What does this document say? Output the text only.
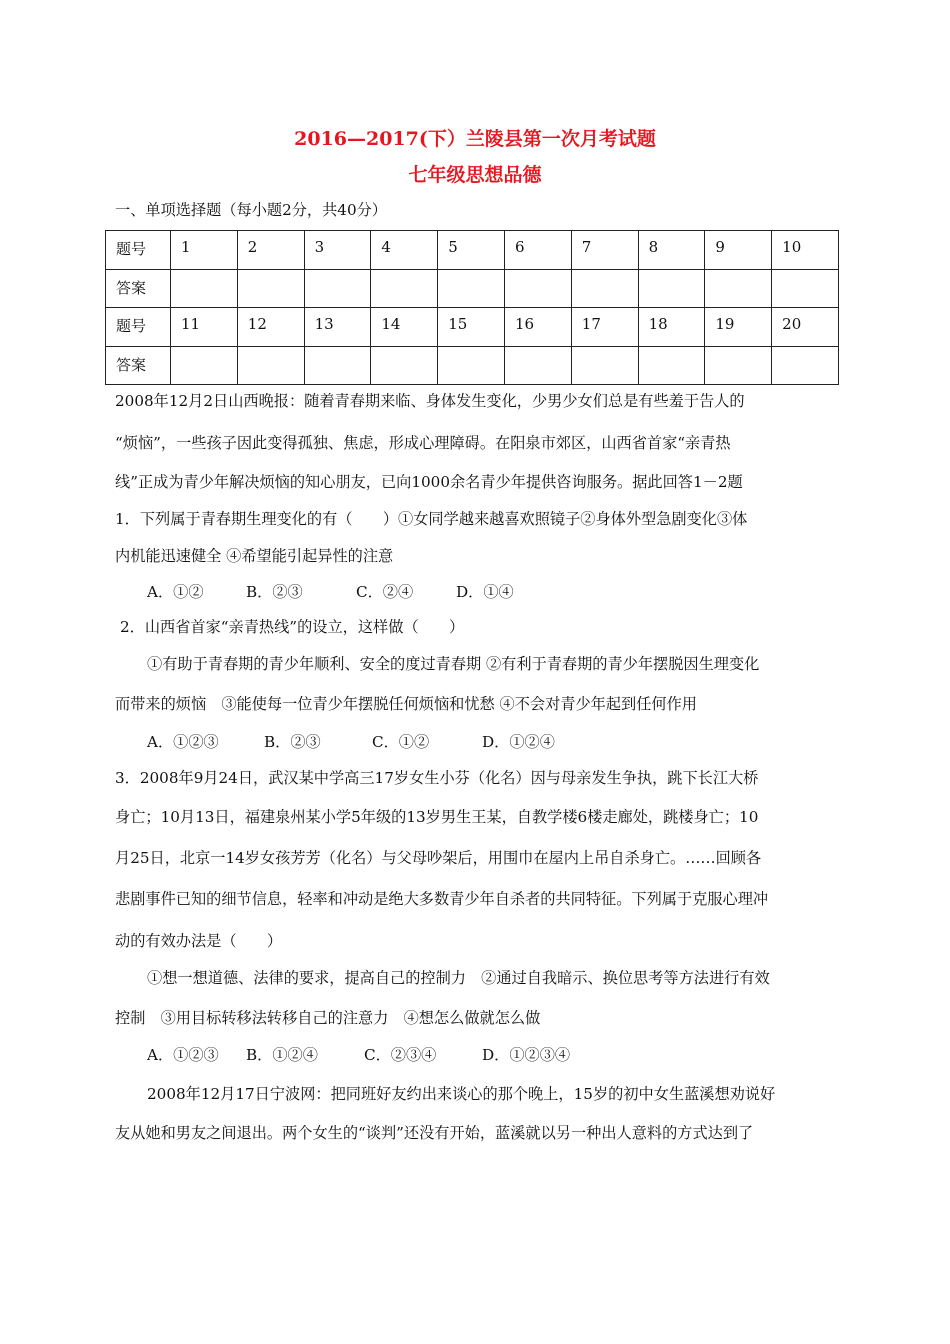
2016—2017(下）兰陵县第一次月考试题
七年级思想品德
一、单项选择题（每小题2分，共40分）
题号	1	2	3	4	5	6	7	8	9	10
答案										
题号	11	12	13	14	15	16	17	18	19	20
答案										
2008年12月2日山西晚报：随着青春期来临、身体发生变化，少男少女们总是有些羞于告人的
“烦恼”，一些孩子因此变得孤独、焦虑，形成心理障碍。在阳泉市郊区，山西省首家“亲青热
线”正成为青少年解决烦恼的知心朋友，已向1000余名青少年提供咨询服务。据此回答1－2题
1．下列属于青春期生理变化的有（　　）①女同学越来越喜欢照镜子②身体外型急剧变化③体
内机能迅速健全 ④希望能引起异性的注意
A．①②	B．②③	C．②④	D．①④
2．山西省首家“亲青热线”的设立，这样做（　　）
①有助于青春期的青少年顺利、安全的度过青春期 ②有利于青春期的青少年摆脱因生理变化
而带来的烦恼　③能使每一位青少年摆脱任何烦恼和忧愁 ④不会对青少年起到任何作用
A．①②③	B．②③	C．①②	D．①②④
3．2008年9月24日，武汉某中学高三17岁女生小芬（化名）因与母亲发生争执，跳下长江大桥
身亡；10月13日，福建泉州某小学5年级的13岁男生王某，自教学楼6楼走廊处，跳楼身亡；10
月25日，北京一14岁女孩芳芳（化名）与父母吵架后，用围巾在屋内上吊自杀身亡。……回顾各
悲剧事件已知的细节信息，轻率和冲动是绝大多数青少年自杀者的共同特征。下列属于克服心理冲
动的有效办法是（　　）
①想一想道德、法律的要求，提高自己的控制力　②通过自我暗示、换位思考等方法进行有效
控制　③用目标转移法转移自己的注意力　④想怎么做就怎么做
A．①②③ B．①②④	C．②③④	D．①②③④
2008年12月17日宁波网：把同班好友约出来谈心的那个晚上，15岁的初中女生蓝溪想劝说好
友从她和男友之间退出。两个女生的“谈判”还没有开始，蓝溪就以另一种出人意料的方式达到了
